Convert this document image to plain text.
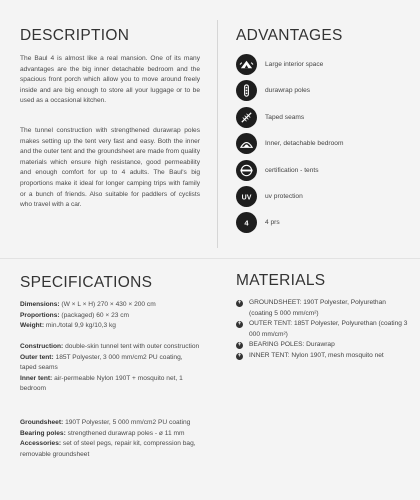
DESCRIPTION

The Baul 4 is almost like a real mansion. One of its many advantages are the big inner detachable bedroom and the spacious front porch which allow you to move around freely inside and are big enough to store all your luggage or to be used as a occasional kitchen.

The tunnel construction with strengthened durawrap poles makes setting up the tent very fast and easy. Both the inner and the outer tent and the groundsheet are made from quality materials which ensure high resistance, good permeability and enough comfort for up to 4 adults. The Baul's big proportions make it ideal for longer camping trips with family or a bunch of friends. Also suitable for paddlers of cyclists who travel with a car.

ADVANTAGES
Large interior space
durawrap poles
Taped seams
Inner, detachable bedroom
certification - tents
UV uv protection
4 4 prs
SPECIFICATIONS
Dimensions: (W × L × H) 270 × 430 × 200 cm
Proportions: (packaged) 60 × 23 cm
Weight: min./total 9,9 kg/10,3 kg
Construction: double-skin tunnel tent with outer construction
Outer tent: 185T Polyester, 3 000 mm/cm2 PU coating, taped seams
Inner tent: air-permeable Nylon 190T + mosquito net, 1 bedroom
Groundsheet: 190T Polyester, 5 000 mm/cm2 PU coating
Bearing poles: strengthened durawrap poles - ø 11 mm
Accessories: set of steel pegs, repair kit, compression bag, removable groundsheet
MATERIALS
+ GROUNDSHEET: 190T Polyester, Polyurethan (coating 5 000 mm/cm²)
+ OUTER TENT: 185T Polyester, Polyurethan (coating 3 000 mm/cm²)
+ BEARING POLES: Durawrap
+ INNER TENT: Nylon 190T, mesh mosquito net
